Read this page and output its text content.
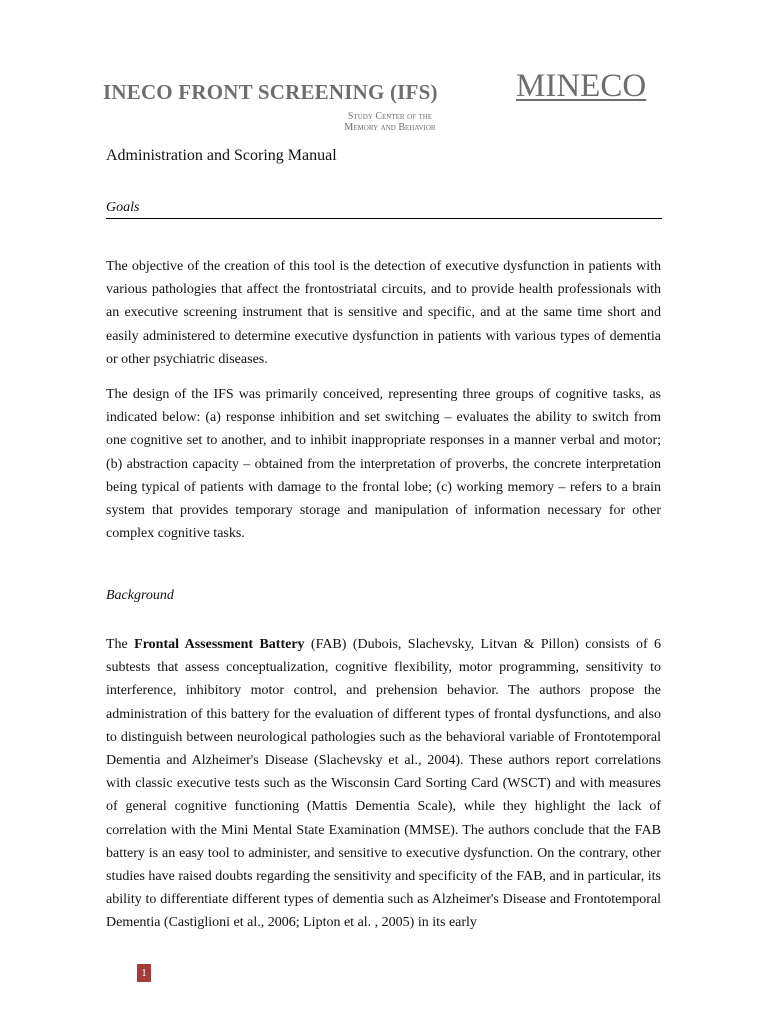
INECO FRONT SCREENING (IFS) MINECO
Study Center of the
Memory and Behavior
Administration and Scoring Manual
Goals

The objective of the creation of this tool is the detection of executive dysfunction in patients with various pathologies that affect the frontostriatal circuits, and to provide health professionals with an executive screening instrument that is sensitive and specific, and at the same time short and easily administered to determine executive dysfunction in patients with various types of dementia or other psychiatric diseases.

The design of the IFS was primarily conceived, representing three groups of cognitive tasks, as indicated below: (a) response inhibition and set switching – evaluates the ability to switch from one cognitive set to another, and to inhibit inappropriate responses in a manner verbal and motor; (b) abstraction capacity – obtained from the interpretation of proverbs, the concrete interpretation being typical of patients with damage to the frontal lobe; (c) working memory – refers to a brain system that provides temporary storage and manipulation of information necessary for other complex cognitive tasks.

Background

The Frontal Assessment Battery (FAB) (Dubois, Slachevsky, Litvan & Pillon) consists of 6 subtests that assess conceptualization, cognitive flexibility, motor programming, sensitivity to interference, inhibitory motor control, and prehension behavior. The authors propose the administration of this battery for the evaluation of different types of frontal dysfunctions, and also to distinguish between neurological pathologies such as the behavioral variable of Frontotemporal Dementia and Alzheimer's Disease (Slachevsky et al., 2004). These authors report correlations with classic executive tests such as the Wisconsin Card Sorting Card (WSCT) and with measures of general cognitive functioning (Mattis Dementia Scale), while they highlight the lack of correlation with the Mini Mental State Examination (MMSE). The authors conclude that the FAB battery is an easy tool to administer, and sensitive to executive dysfunction. On the contrary, other studies have raised doubts regarding the sensitivity and specificity of the FAB, and in particular, its ability to differentiate different types of dementia such as Alzheimer's Disease and Frontotemporal Dementia (Castiglioni et al., 2006; Lipton et al. , 2005) in its early

1
